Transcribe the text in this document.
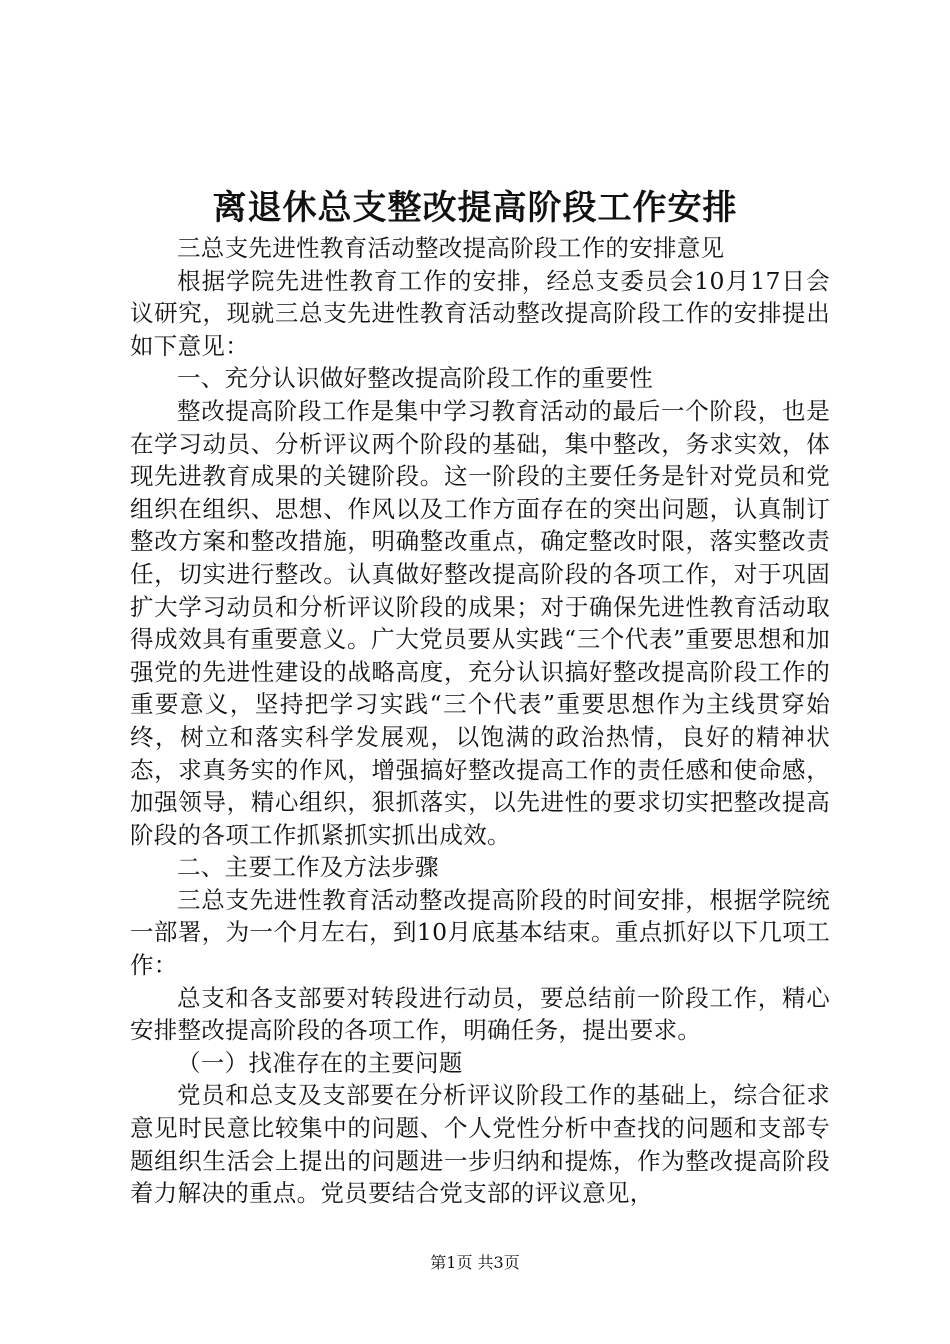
离退休总支整改提高阶段工作安排

三总支先进性教育活动整改提高阶段工作的安排意见

根据学院先进性教育工作的安排，经总支委员会10月17日会议研究，现就三总支先进性教育活动整改提高阶段工作的安排提出如下意见：

一、充分认识做好整改提高阶段工作的重要性

整改提高阶段工作是集中学习教育活动的最后一个阶段，也是在学习动员、分析评议两个阶段的基础，集中整改，务求实效，体现先进教育成果的关键阶段。这一阶段的主要任务是针对党员和党组织在组织、思想、作风以及工作方面存在的突出问题，认真制订整改方案和整改措施，明确整改重点，确定整改时限，落实整改责任，切实进行整改。认真做好整改提高阶段的各项工作，对于巩固扩大学习动员和分析评议阶段的成果；对于确保先进性教育活动取得成效具有重要意义。广大党员要从实践“三个代表”重要思想和加强党的先进性建设的战略高度，充分认识搞好整改提高阶段工作的重要意义，坚持把学习实践“三个代表”重要思想作为主线贯穿始终，树立和落实科学发展观，以饱满的政治热情，良好的精神状态，求真务实的作风，增强搞好整改提高工作的责任感和使命感，加强领导，精心组织，狠抓落实，以先进性的要求切实把整改提高阶段的各项工作抓紧抓实抓出成效。

二、主要工作及方法步骤

三总支先进性教育活动整改提高阶段的时间安排，根据学院统一部署，为一个月左右，到10月底基本结束。重点抓好以下几项工作：

总支和各支部要对转段进行动员，要总结前一阶段工作，精心安排整改提高阶段的各项工作，明确任务，提出要求。

（一）找准存在的主要问题

党员和总支及支部要在分析评议阶段工作的基础上，综合征求意见时民意比较集中的问题、个人党性分析中查找的问题和支部专题组织生活会上提出的问题进一步归纳和提炼，作为整改提高阶段着力解决的重点。党员要结合党支部的评议意见，

第1页 共3页
